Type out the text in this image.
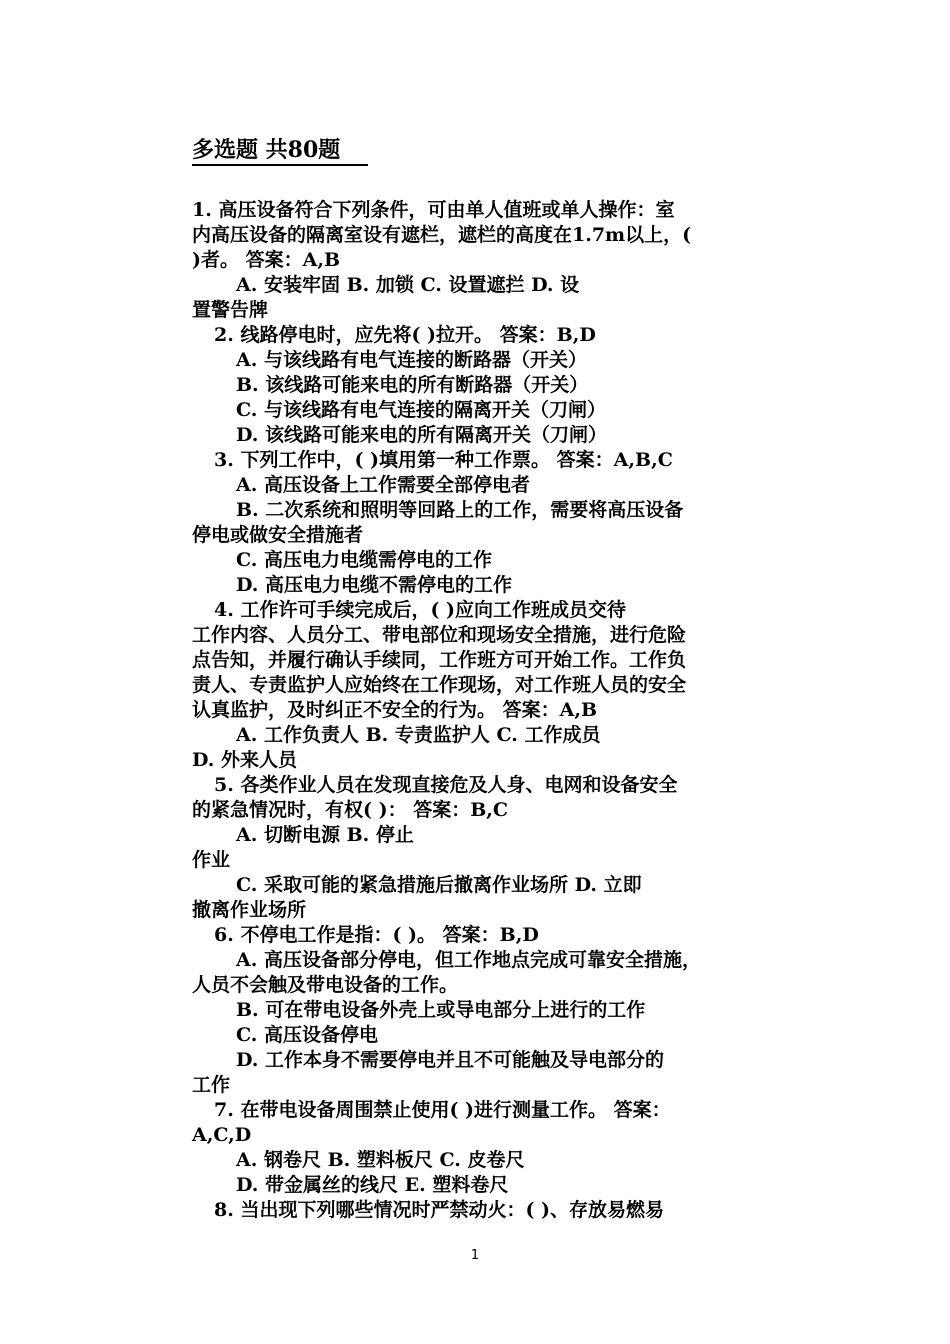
多选题 共80题
1. 高压设备符合下列条件，可由单人值班或单人操作：室
内高压设备的隔离室设有遮栏，遮栏的高度在1.7m以上，(
)者。 答案：A,B
A. 安装牢固 B. 加锁 C. 设置遮拦 D. 设
置警告牌
2. 线路停电时，应先将( )拉开。 答案：B,D
A. 与该线路有电气连接的断路器（开关）
B. 该线路可能来电的所有断路器（开关）
C. 与该线路有电气连接的隔离开关（刀闸）
D. 该线路可能来电的所有隔离开关（刀闸）
3. 下列工作中，( )填用第一种工作票。 答案：A,B,C
A. 高压设备上工作需要全部停电者
B. 二次系统和照明等回路上的工作，需要将高压设备
停电或做安全措施者
C. 高压电力电缆需停电的工作
D. 高压电力电缆不需停电的工作
4. 工作许可手续完成后，( )应向工作班成员交待
工作内容、人员分工、带电部位和现场安全措施，进行危险
点告知，并履行确认手续同，工作班方可开始工作。工作负
责人、专责监护人应始终在工作现场，对工作班人员的安全
认真监护，及时纠正不安全的行为。 答案：A,B
A. 工作负责人 B. 专责监护人 C. 工作成员
D. 外来人员
5. 各类作业人员在发现直接危及人身、电网和设备安全
的紧急情况时，有权( )： 答案：B,C
A. 切断电源 B. 停止
作业
C. 采取可能的紧急措施后撤离作业场所 D. 立即
撤离作业场所
6. 不停电工作是指：( )。 答案：B,D
A. 高压设备部分停电，但工作地点完成可靠安全措施，
人员不会触及带电设备的工作。
B. 可在带电设备外壳上或导电部分上进行的工作
C. 高压设备停电
D. 工作本身不需要停电并且不可能触及导电部分的
工作
7. 在带电设备周围禁止使用( )进行测量工作。 答案：
A,C,D
A. 钢卷尺 B. 塑料板尺 C. 皮卷尺
D. 带金属丝的线尺 E. 塑料卷尺
8. 当出现下列哪些情况时严禁动火：( )、存放易燃易
1
